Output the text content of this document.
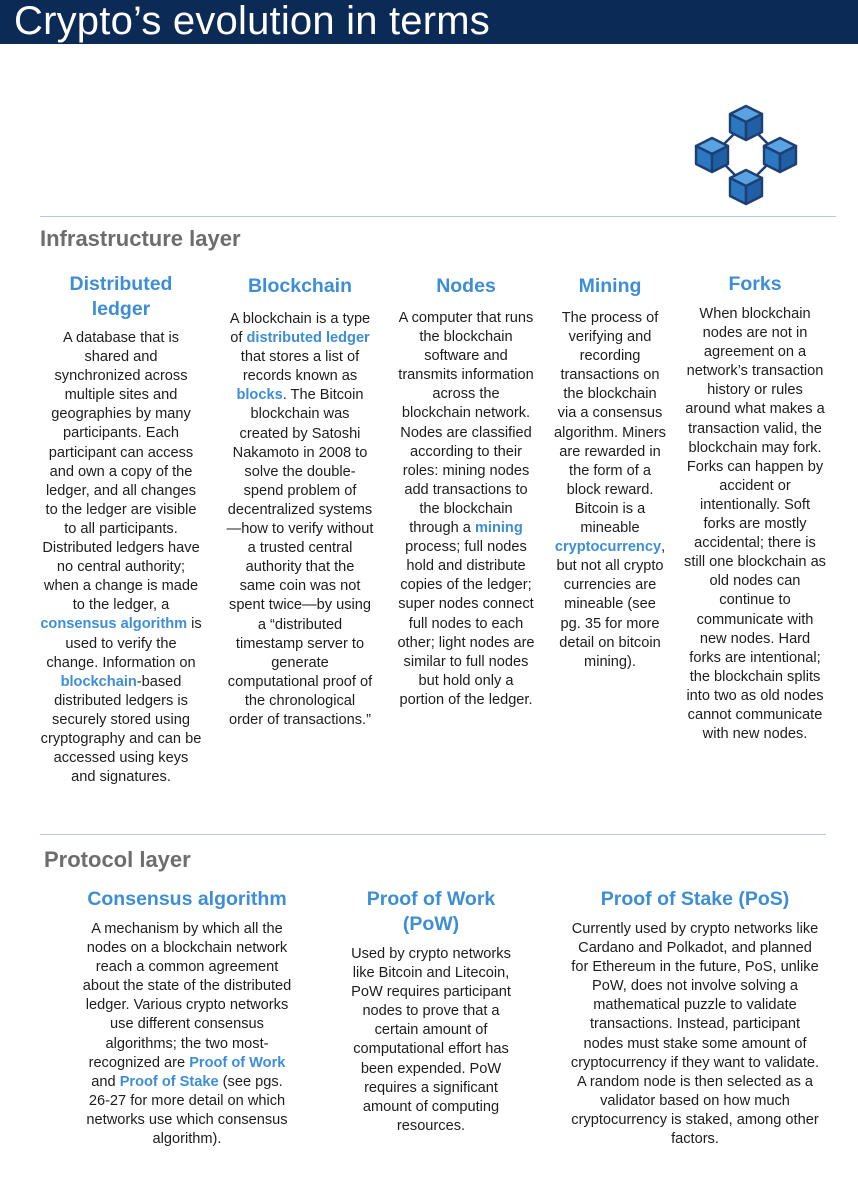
Crypto’s evolution in terms
Infrastructure layer
Distributed ledger

A database that is shared and synchronized across multiple sites and geographies by many participants. Each participant can access and own a copy of the ledger, and all changes to the ledger are visible to all participants. Distributed ledgers have no central authority; when a change is made to the ledger, a consensus algorithm is used to verify the change. Information on blockchain-based distributed ledgers is securely stored using cryptography and can be accessed using keys and signatures.

Blockchain

A blockchain is a type of distributed ledger that stores a list of records known as blocks. The Bitcoin blockchain was created by Satoshi Nakamoto in 2008 to solve the double-spend problem of decentralized systems—how to verify without a trusted central authority that the same coin was not spent twice—by using a “distributed timestamp server to generate computational proof of the chronological order of transactions.”

Nodes

A computer that runs the blockchain software and transmits information across the blockchain network. Nodes are classified according to their roles: mining nodes add transactions to the blockchain through a mining process; full nodes hold and distribute copies of the ledger; super nodes connect full nodes to each other; light nodes are similar to full nodes but hold only a portion of the ledger.

Mining

The process of verifying and recording transactions on the blockchain via a consensus algorithm. Miners are rewarded in the form of a block reward. Bitcoin is a mineable cryptocurrency, but not all crypto currencies are mineable (see pg. 35 for more detail on bitcoin mining).

Forks

When blockchain nodes are not in agreement on a network’s transaction history or rules around what makes a transaction valid, the blockchain may fork. Forks can happen by accident or intentionally. Soft forks are mostly accidental; there is still one blockchain as old nodes can continue to communicate with new nodes. Hard forks are intentional; the blockchain splits into two as old nodes cannot communicate with new nodes.

Protocol layer
Consensus algorithm

A mechanism by which all the nodes on a blockchain network reach a common agreement about the state of the distributed ledger. Various crypto networks use different consensus algorithms; the two most-recognized are Proof of Work and Proof of Stake (see pgs. 26-27 for more detail on which networks use which consensus algorithm).

Proof of Work (PoW)

Used by crypto networks like Bitcoin and Litecoin, PoW requires participant nodes to prove that a certain amount of computational effort has been expended. PoW requires a significant amount of computing resources.

Proof of Stake (PoS)

Currently used by crypto networks like Cardano and Polkadot, and planned for Ethereum in the future, PoS, unlike PoW, does not involve solving a mathematical puzzle to validate transactions. Instead, participant nodes must stake some amount of cryptocurrency if they want to validate. A random node is then selected as a validator based on how much cryptocurrency is staked, among other factors.
